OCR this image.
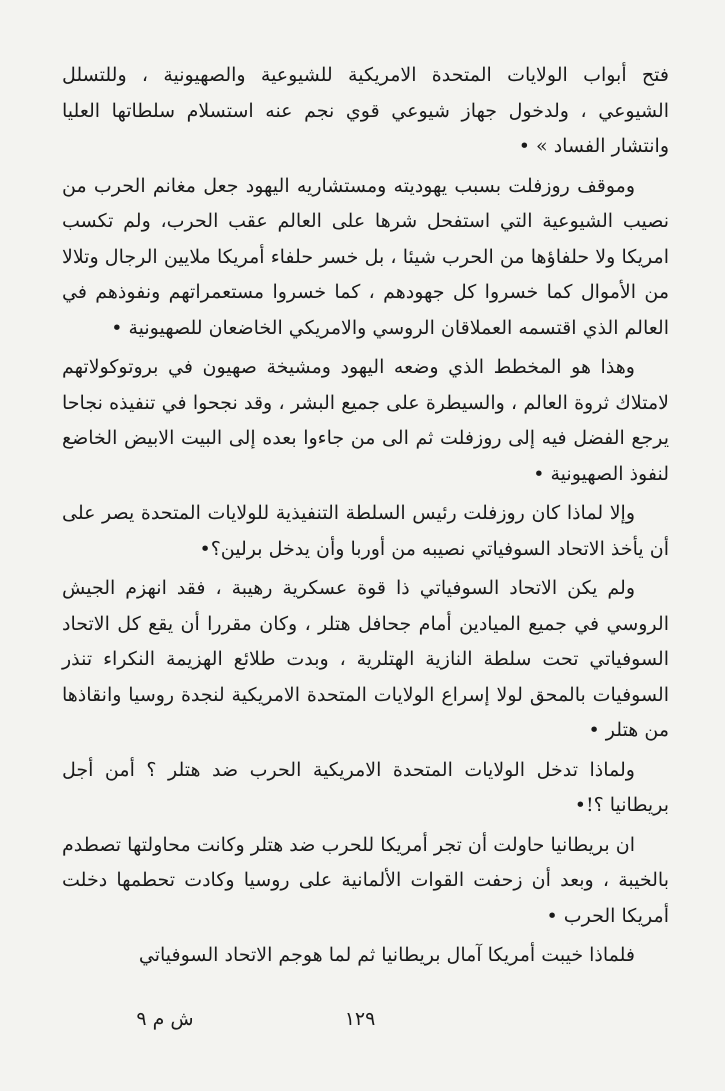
فتح أبواب الولايات المتحدة الامريكية للشيوعية والصهيونية ، وللتسلل الشيوعي ، ولدخول جهاز شيوعي قوي نجم عنه استسلام سلطاتها العليا وانتشار الفساد » •

وموقف روزفلت بسبب يهوديته ومستشاريه اليهود جعل مغانم الحرب من نصيب الشيوعية التي استفحل شرها على العالم عقب الحرب، ولم تكسب امريكا ولا حلفاؤها من الحرب شيئا ، بل خسر حلفاء أمريكا ملايين الرجال وتلالا من الأموال كما خسروا كل جهودهم ، كما خسروا مستعمراتهم ونفوذهم في العالم الذي اقتسمه العملاقان الروسي والامريكي الخاضعان للصهيونية •

وهذا هو المخطط الذي وضعه اليهود ومشيخة صهيون في بروتوكولاتهم لامتلاك ثروة العالم ، والسيطرة على جميع البشر ، وقد نجحوا في تنفيذه نجاحا يرجع الفضل فيه إلى روزفلت ثم الى من جاءوا بعده إلى البيت الابيض الخاضع لنفوذ الصهيونية •

وإلا لماذا كان روزفلت رئيس السلطة التنفيذية للولايات المتحدة يصر على أن يأخذ الاتحاد السوفياتي نصيبه من أوربا وأن يدخل برلين؟•

ولم يكن الاتحاد السوفياتي ذا قوة عسكرية رهيبة ، فقد انهزم الجيش الروسي في جميع الميادين أمام جحافل هتلر ، وكان مقررا أن يقع كل الاتحاد السوفياتي تحت سلطة النازية الهتلرية ، وبدت طلائع الهزيمة النكراء تنذر السوفيات بالمحق لولا إسراع الولايات المتحدة الامريكية لنجدة روسيا وانقاذها من هتلر •

ولماذا تدخل الولايات المتحدة الامريكية الحرب ضد هتلر ؟ أمن أجل بريطانيا ؟!•

ان بريطانيا حاولت أن تجر أمريكا للحرب ضد هتلر وكانت محاولتها تصطدم بالخيبة ، وبعد أن زحفت القوات الألمانية على روسيا وكادت تحطمها دخلت أمريكا الحرب •

فلماذا خيبت أمريكا آمال بريطانيا ثم لما هوجم الاتحاد السوفياتي

١٢٩
ش م ٩
